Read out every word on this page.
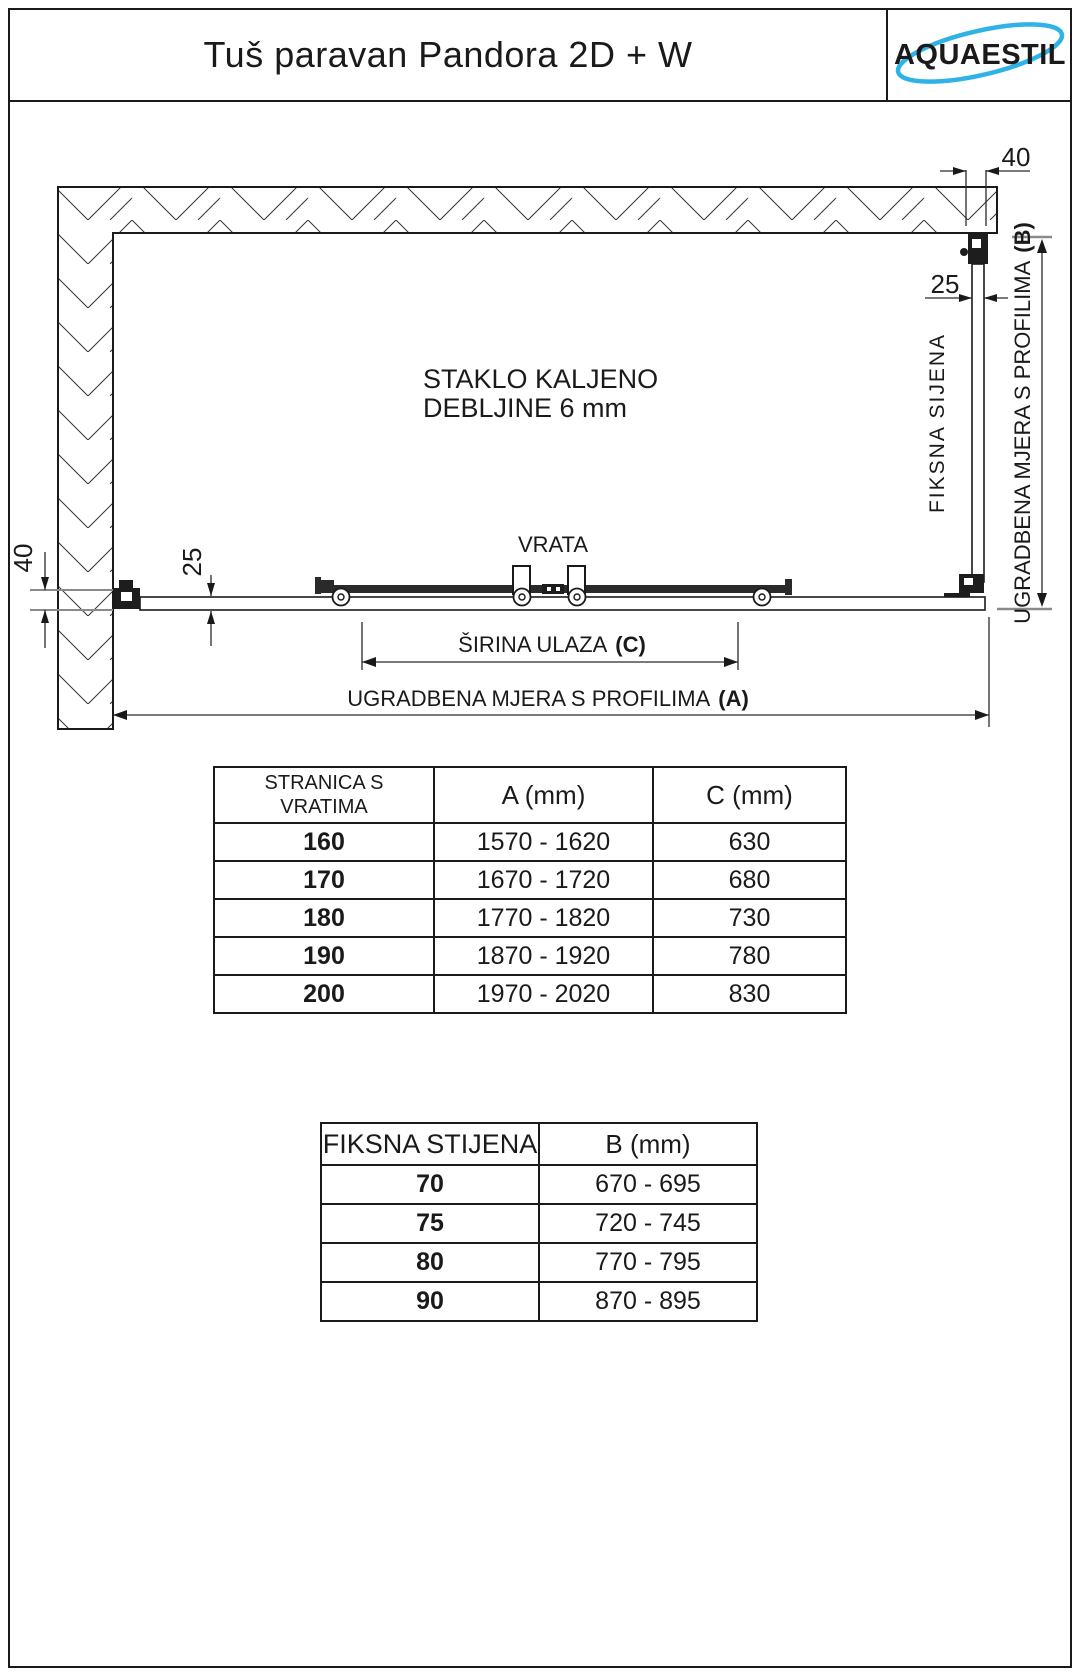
Tuš paravan Pandora 2D + W	AQUAESTIL
40
25 UGRADBENA MJERA S PROFILIMA(B)
FIKSNA SIJENA
40	25
STAKLO KALJENO
DEBLJINE 6 mm
VRATA
ŠIRINA ULAZA (C)
UGRADBENA MJERA S PROFILIMA (A)
STRANICA S
VRATIMA	A (mm)	C (mm)
160	1570 - 1620	630
170	1670 - 1720	680
180	1770 - 1820	730
190	1870 - 1920	780
200	1970 - 2020	830
FIKSNA STIJENA	B (mm)
70	670 - 695
75	720 - 745
80	770 - 795
90	870 - 895
